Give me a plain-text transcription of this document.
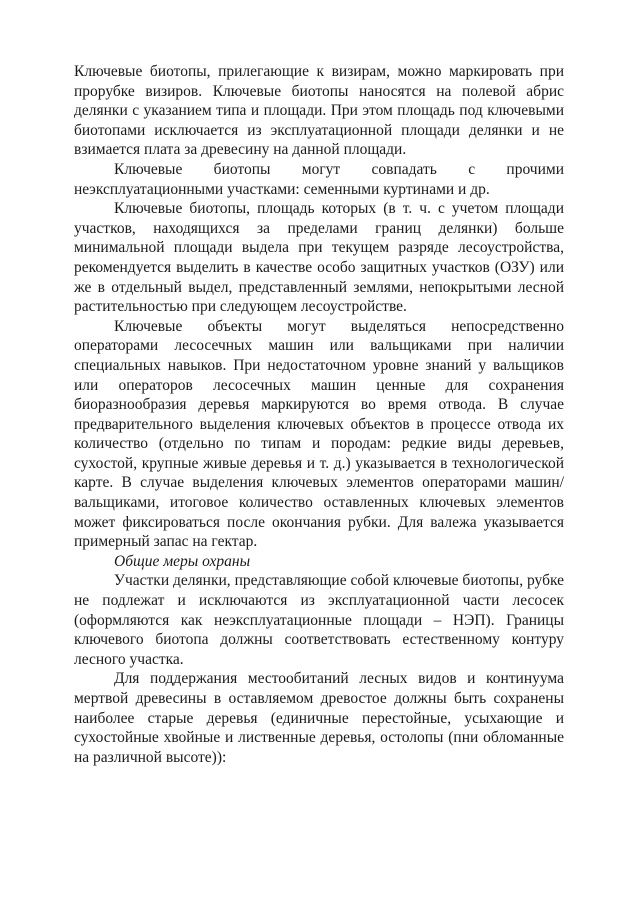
Ключевые биотопы, прилегающие к визирам, можно маркировать при прорубке визиров. Ключевые биотопы наносятся на полевой абрис делянки с указанием типа и площади. При этом площадь под ключевыми биотопами исключается из эксплуатационной площади делянки и не взимается плата за древесину на данной площади.

Ключевые биотопы могут совпадать с прочими неэксплуатационными участками: семенными куртинами и др.

Ключевые биотопы, площадь которых (в т. ч. с учетом площади участков, находящихся за пределами границ делянки) больше минимальной площади выдела при текущем разряде лесоустройства, рекомендуется выделить в качестве особо защитных участков (ОЗУ) или же в отдельный выдел, представленный землями, непокрытыми лесной растительностью при следующем лесоустройстве.

Ключевые объекты могут выделяться непосредственно операторами лесосечных машин или вальщиками при наличии специальных навыков. При недостаточном уровне знаний у вальщиков или операторов лесосечных машин ценные для сохранения биоразнообразия деревья маркируются во время отвода. В случае предварительного выделения ключевых объектов в процессе отвода их количество (отдельно по типам и породам: редкие виды деревьев, сухостой, крупные живые деревья и т. д.) указывается в технологической карте. В случае выделения ключевых элементов операторами машин/вальщиками, итоговое количество оставленных ключевых элементов может фиксироваться после окончания рубки. Для валежа указывается примерный запас на гектар.

Общие меры охраны

Участки делянки, представляющие собой ключевые биотопы, рубке не подлежат и исключаются из эксплуатационной части лесосек (оформляются как неэксплуатационные площади – НЭП). Границы ключевого биотопа должны соответствовать естественному контуру лесного участка.

Для поддержания местообитаний лесных видов и континуума мертвой древесины в оставляемом древостое должны быть сохранены наиболее старые деревья (единичные перестойные, усыхающие и сухостойные хвойные и лиственные деревья, остолопы (пни обломанные на различной высоте)):
